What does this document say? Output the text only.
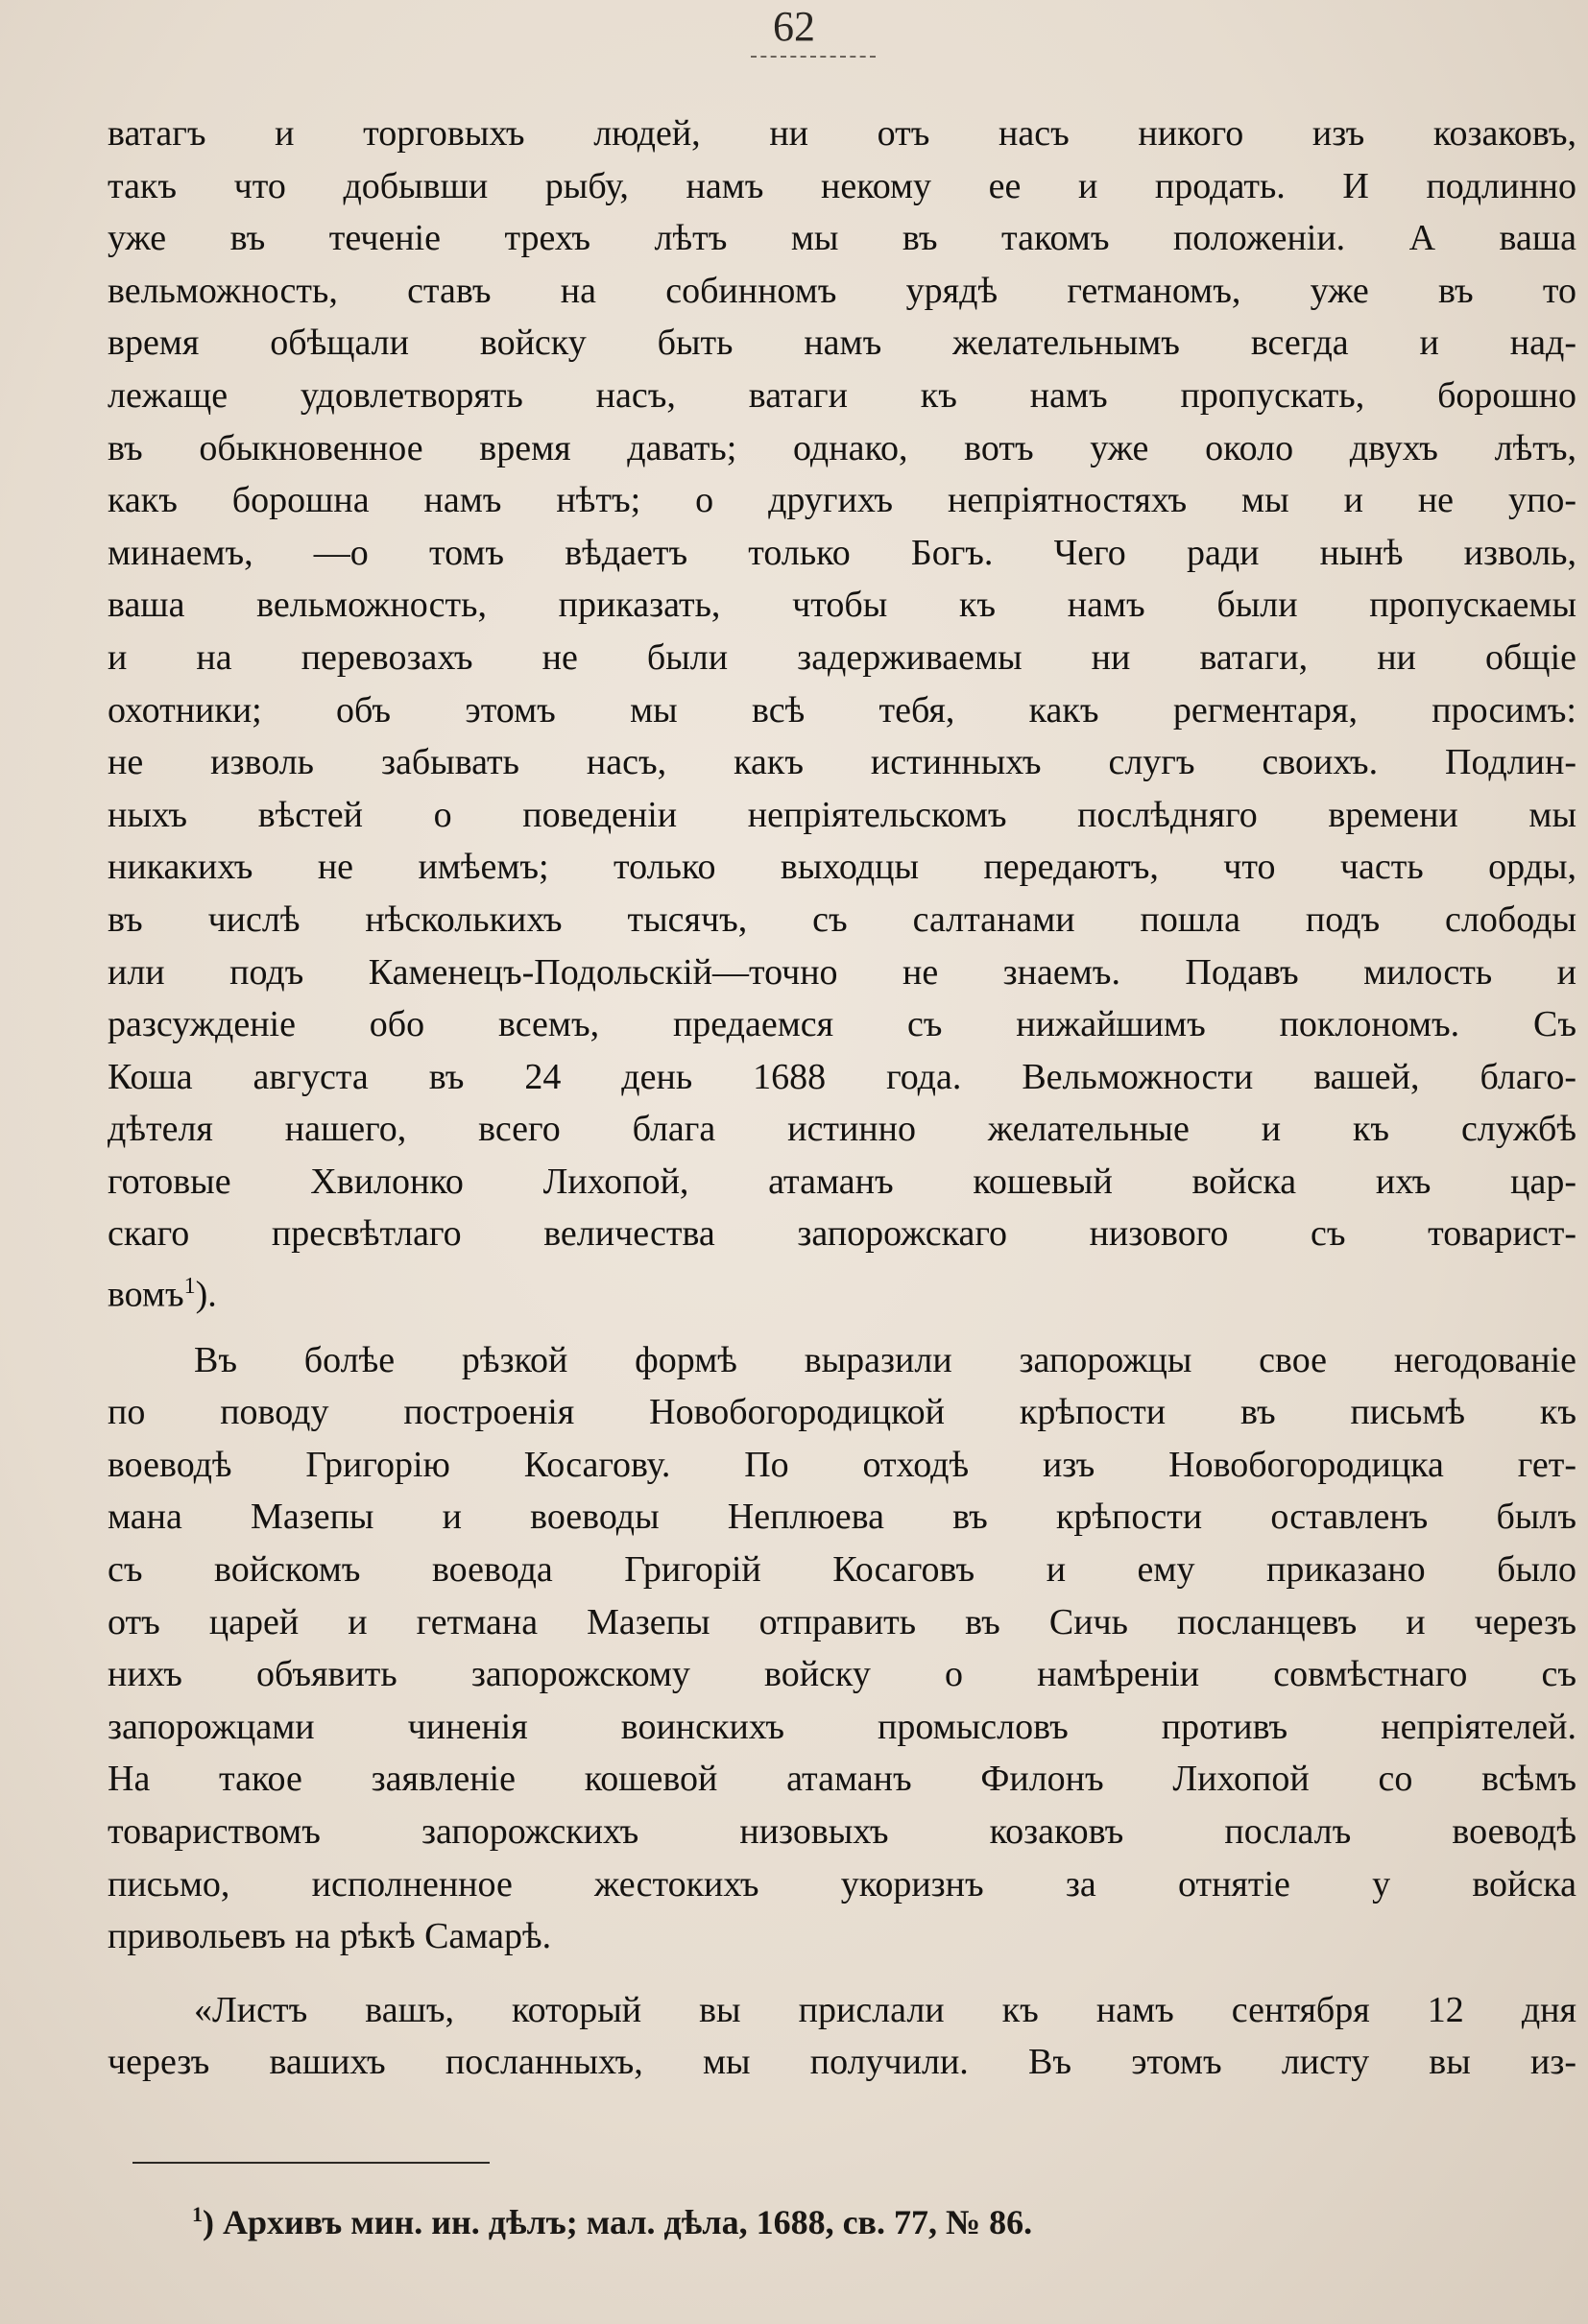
62
ватагъ и торговыхъ людей, ни отъ насъ никого изъ козаковъ,
такъ что добывши рыбу, намъ некому ее и продать. И подлинно
уже въ теченіе трехъ лѣтъ мы въ такомъ положеніи. А ваша
вельможность, ставъ на собинномъ урядѣ гетманомъ, уже въ то
время обѣщали войску быть намъ желательнымъ всегда и над-
лежаще удовлетворять насъ, ватаги къ намъ пропускать, борошно
въ обыкновенное время давать; однако, вотъ уже около двухъ лѣтъ,
какъ борошна намъ нѣтъ; о другихъ непріятностяхъ мы и не упо-
минаемъ, —о томъ вѣдаетъ только Богъ. Чего ради нынѣ изволь,
ваша вельможность, приказать, чтобы къ намъ были пропускаемы
и на перевозахъ не были задерживаемы ни ватаги, ни общіе
охотники; объ этомъ мы всѣ тебя, какъ регментаря, просимъ:
не изволь забывать насъ, какъ истинныхъ слугъ своихъ. Подлин-
ныхъ вѣстей о поведеніи непріятельскомъ послѣдняго времени мы
никакихъ не имѣемъ; только выходцы передаютъ, что часть орды,
въ числѣ нѣсколькихъ тысячъ, съ салтанами пошла подъ слободы
или подъ Каменецъ-Подольскій—точно не знаемъ. Подавъ милость и
разсужденіе обо всемъ, предаемся съ нижайшимъ поклономъ. Съ
Коша августа въ 24 день 1688 года. Вельможности вашей, благо-
дѣтеля нашего, всего блага истинно желательные и къ службѣ
готовые Хвилонко Лихопой, атаманъ кошевый войска ихъ цар-
скаго пресвѣтлаго величества запорожскаго низового съ товарист-
вомъ$^1$).
Въ болѣе рѣзкой формѣ выразили запорожцы свое негодованіе
по поводу построенія Новобогородицкой крѣпости въ письмѣ къ
воеводѣ Григорію Косагову. По отходѣ изъ Новобогородицка гет-
мана Мазепы и воеводы Неплюева въ крѣпости оставленъ былъ
съ войскомъ воевода Григорій Косаговъ и ему приказано было
отъ царей и гетмана Мазепы отправить въ Сичь посланцевъ и черезъ
нихъ объявить запорожскому войску о намѣреніи совмѣстнаго съ
запорожцами чиненія воинскихъ промысловъ противъ непріятелей.
На такое заявленіе кошевой атаманъ Филонъ Лихопой со всѣмъ
товариствомъ запорожскихъ низовыхъ козаковъ послалъ воеводѣ
письмо, исполненное жестокихъ укоризнъ за отнятіе у войска
привольевъ на рѣкѣ Самарѣ.
«Листъ вашъ, который вы прислали къ намъ сентября 12 дня
черезъ вашихъ посланныхъ, мы получили. Въ этомъ листу вы из-
$^1$) Архивъ мин. ин. дѣлъ; мал. дѣла, 1688, св. 77, № 86.
